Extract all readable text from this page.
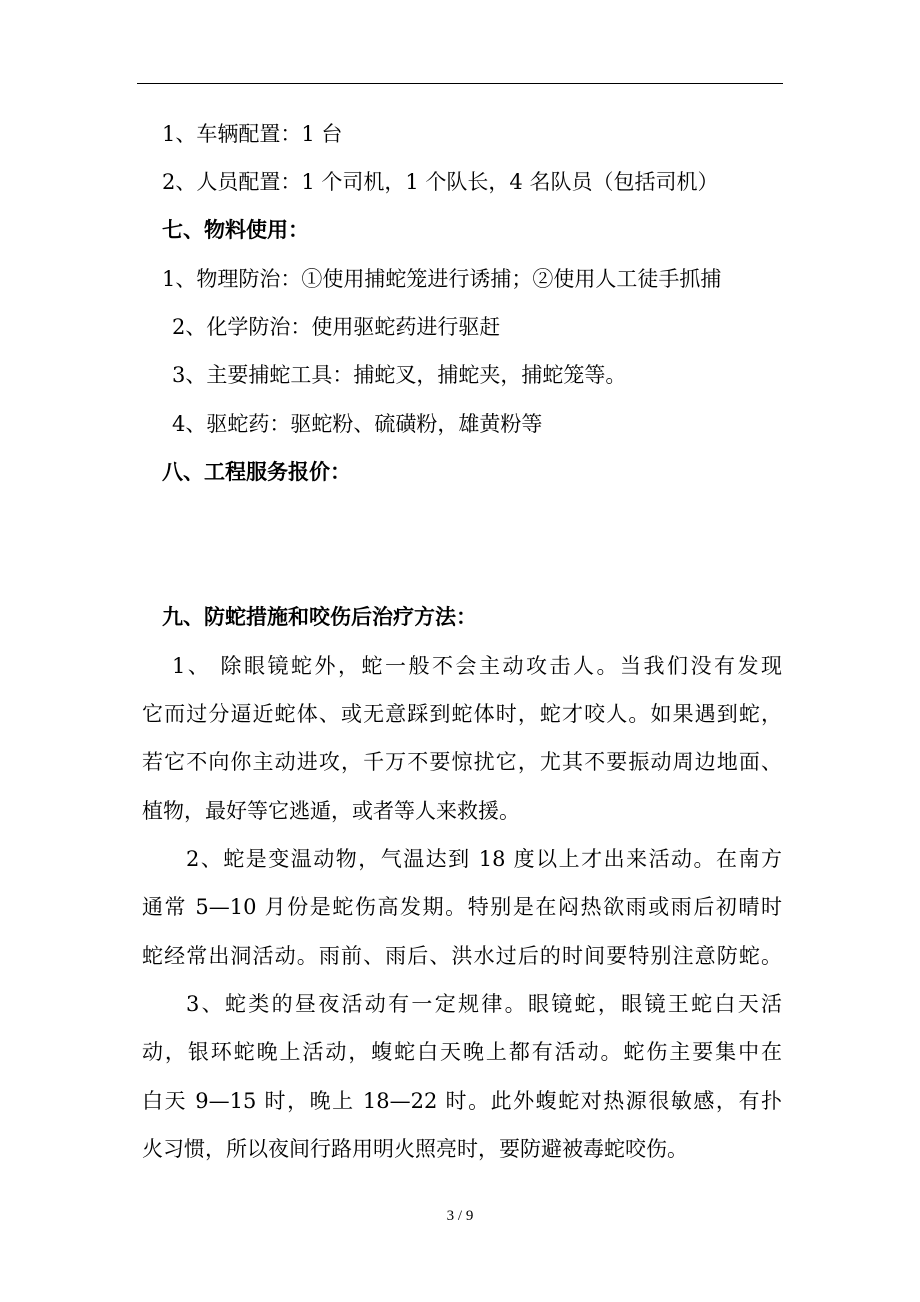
1、车辆配置：1 台
2、人员配置：1 个司机，1 个队长，4 名队员（包括司机）
七、物料使用：
1、物理防治：①使用捕蛇笼进行诱捕；②使用人工徒手抓捕
2、化学防治：使用驱蛇药进行驱赶
3、主要捕蛇工具：捕蛇叉，捕蛇夹，捕蛇笼等。
4、驱蛇药：驱蛇粉、硫磺粉，雄黄粉等
八、工程服务报价：
九、防蛇措施和咬伤后治疗方法：
1、 除眼镜蛇外，蛇一般不会主动攻击人。当我们没有发现
它而过分逼近蛇体、或无意踩到蛇体时，蛇才咬人。如果遇到蛇，
若它不向你主动进攻，千万不要惊扰它，尤其不要振动周边地面、
植物，最好等它逃遁，或者等人来救援。
2、蛇是变温动物，气温达到 18 度以上才出来活动。在南方
通常 5—10 月份是蛇伤高发期。特别是在闷热欲雨或雨后初晴时
蛇经常出洞活动。雨前、雨后、洪水过后的时间要特别注意防蛇。
3、蛇类的昼夜活动有一定规律。眼镜蛇，眼镜王蛇白天活
动，银环蛇晚上活动，蝮蛇白天晚上都有活动。蛇伤主要集中在
白天 9—15 时，晚上 18—22 时。此外蝮蛇对热源很敏感，有扑
火习惯，所以夜间行路用明火照亮时，要防避被毒蛇咬伤。
3 / 9
